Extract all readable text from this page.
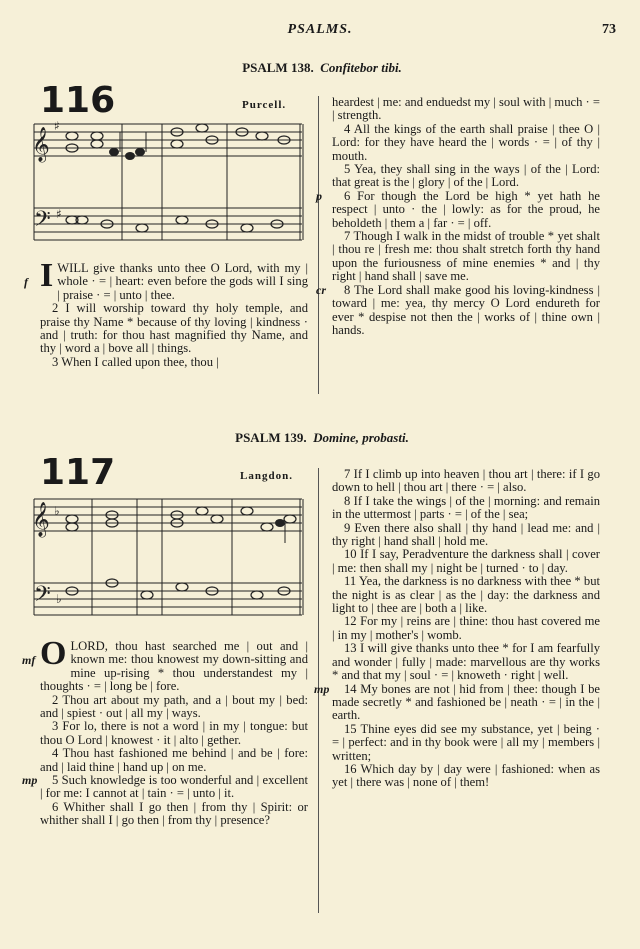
PSALMS.	73
PSALM 138. Confitebor tibi.
116	Purcell.
𝄞
♯
𝄢 ♯

f I WILL give thanks unto thee O Lord, with my | whole · = | heart: even before the gods will I sing | praise · = | unto | thee.

2 I will worship toward thy holy temple, and praise thy Name * because of thy loving | kindness · and | truth: for thou hast magnified thy Name, and thy | word a | bove all | things.

3 When I called upon thee, thou |

heardest | me: and enduedst my | soul with | much · = | strength.

4 All the kings of the earth shall praise | thee O | Lord: for they have heard the | words · = | of thy | mouth.

5 Yea, they shall sing in the ways | of the | Lord: that great is the | glory | of the | Lord.

p 6 For though the Lord be high * yet hath he respect | unto · the | lowly: as for the proud, he beholdeth | them a | far · = | off.

7 Though I walk in the midst of trouble * yet shalt | thou re | fresh me: thou shalt stretch forth thy hand upon the furiousness of mine enemies * and | thy right | hand shall | save me.

cr 8 The Lord shall make good his loving-kindness | toward | me: yea, thy mercy O Lord endureth for ever * despise not then the | works of | thine own | hands.

PSALM 139. Domine, probasti.
117	Langdon.
𝄞 ♭
𝄢 ♭

mf O LORD, thou hast searched me | out and | known me: thou knowest my down-sitting and mine up-rising * thou understandest my | thoughts · = | long be | fore.

2 Thou art about my path, and a | bout my | bed: and | spiest · out | all my | ways.

3 For lo, there is not a word | in my | tongue: but thou O Lord | knowest · it | alto | gether.

4 Thou hast fashioned me behind | and be | fore: and | laid thine | hand up | on me.

mp 5 Such knowledge is too wonderful and | excellent | for me: I cannot at | tain · = | unto | it.

6 Whither shall I go then | from thy | Spirit: or whither shall I | go then | from thy | presence?

7 If I climb up into heaven | thou art | there: if I go down to hell | thou art | there · = | also.

8 If I take the wings | of the | morning: and remain in the uttermost | parts · = | of the | sea;

9 Even there also shall | thy hand | lead me: and | thy right | hand shall | hold me.

10 If I say, Peradventure the darkness shall | cover | me: then shall my | night be | turned · to | day.

11 Yea, the darkness is no darkness with thee * but the night is as clear | as the | day: the darkness and light to | thee are | both a | like.

12 For my | reins are | thine: thou hast covered me | in my | mother's | womb.

13 I will give thanks unto thee * for I am fearfully and wonder | fully | made: marvellous are thy works * and that my | soul · = | knoweth · right | well.

mp 14 My bones are not | hid from | thee: though I be made secretly * and fashioned be | neath · = | in the | earth.

15 Thine eyes did see my substance, yet | being · = | perfect: and in thy book were | all my | members | written;

16 Which day by | day were | fashioned: when as yet | there was | none of | them!
